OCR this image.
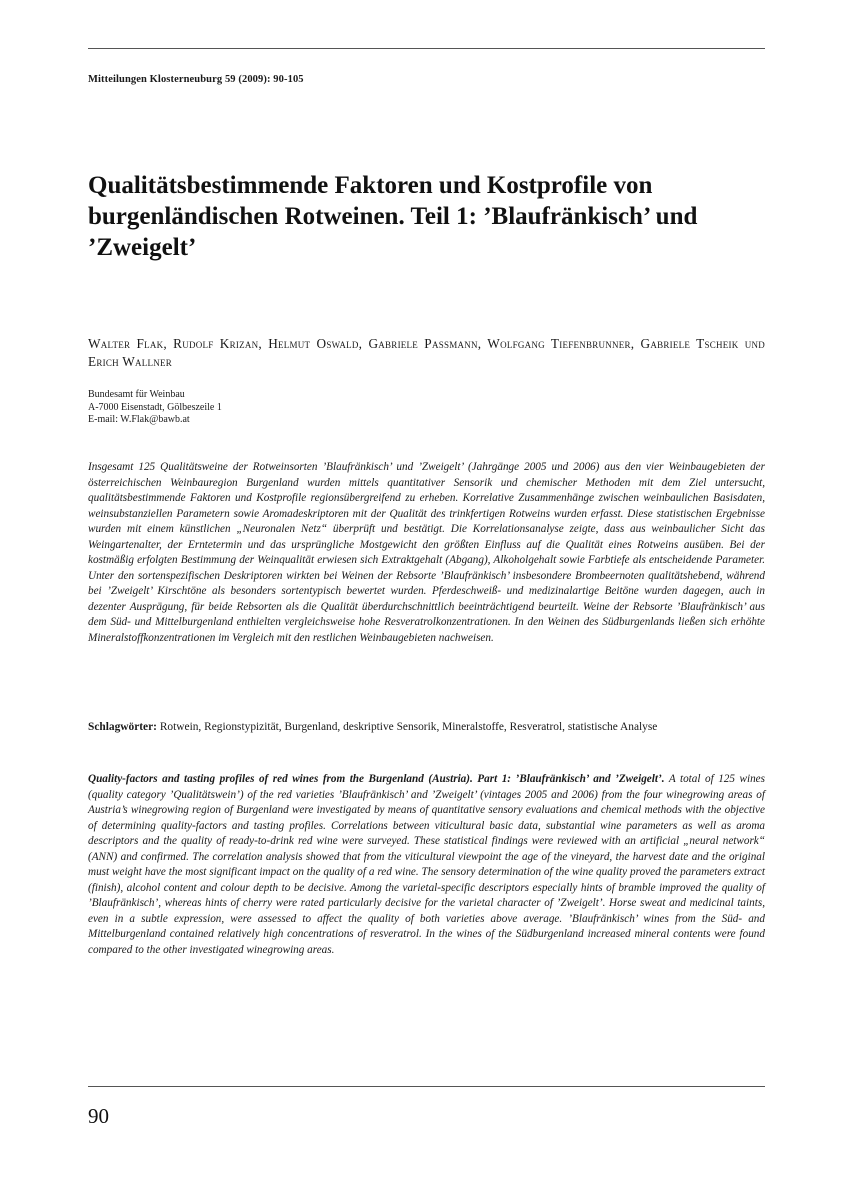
Mitteilungen Klosterneuburg 59 (2009): 90-105
Qualitätsbestimmende Faktoren und Kostprofile von burgenländischen Rotweinen. Teil 1: ’Blaufränkisch’ und ’Zweigelt’
Walter Flak, Rudolf Krizan, Helmut Oswald, Gabriele Passmann, Wolfgang Tiefenbrunner, Gabriele Tscheik und Erich Wallner
Bundesamt für Weinbau
A-7000 Eisenstadt, Gölbeszeile 1
E-mail: W.Flak@bawb.at

Insgesamt 125 Qualitätsweine der Rotweinsorten ’Blaufränkisch’ und ’Zweigelt’ (Jahrgänge 2005 und 2006) aus den vier Weinbaugebieten der österreichischen Weinbauregion Burgenland wurden mittels quantitativer Sensorik und chemischer Methoden mit dem Ziel untersucht, qualitätsbestimmende Faktoren und Kostprofile regionsübergreifend zu erheben. Korrelative Zusammenhänge zwischen weinbaulichen Basisdaten, weinsubstanziellen Parametern sowie Aromadeskriptoren mit der Qualität des trinkfertigen Rotweins wurden erfasst. Diese statistischen Ergebnisse wurden mit einem künstlichen „Neuronalen Netz“ überprüft und bestätigt. Die Korrelationsanalyse zeigte, dass aus weinbaulicher Sicht das Weingartenalter, der Erntetermin und das ursprüngliche Mostgewicht den größten Einfluss auf die Qualität eines Rotweins ausüben. Bei der kostmäßig erfolgten Bestimmung der Weinqualität erwiesen sich Extraktgehalt (Abgang), Alkoholgehalt sowie Farbtiefe als entscheidende Parameter. Unter den sortenspezifischen Deskriptoren wirkten bei Weinen der Rebsorte ’Blaufränkisch’ insbesondere Brombeernoten qualitätshebend, während bei ’Zweigelt’ Kirschtöne als besonders sortentypisch bewertet wurden. Pferdeschweiß- und medizinalartige Beitöne wurden dagegen, auch in dezenter Ausprägung, für beide Rebsorten als die Qualität überdurchschnittlich beeinträchtigend beurteilt. Weine der Rebsorte ’Blaufränkisch’ aus dem Süd- und Mittelburgenland enthielten vergleichsweise hohe Resveratrolkonzentrationen. In den Weinen des Südburgenlands ließen sich erhöhte Mineralstoffkonzentrationen im Vergleich mit den restlichen Weinbaugebieten nachweisen.

Schlagwörter: Rotwein, Regionstypizität, Burgenland, deskriptive Sensorik, Mineralstoffe, Resveratrol, statistische Analyse

Quality-factors and tasting profiles of red wines from the Burgenland (Austria). Part 1: ’Blaufränkisch’ and ’Zweigelt’. A total of 125 wines (quality category ’Qualitätswein’) of the red varieties ’Blaufränkisch’ and ’Zweigelt’ (vintages 2005 and 2006) from the four winegrowing areas of Austria’s winegrowing region of Burgenland were investigated by means of quantitative sensory evaluations and chemical methods with the objective of determining quality-factors and tasting profiles. Correlations between viticultural basic data, substantial wine parameters as well as aroma descriptors and the quality of ready-to-drink red wine were surveyed. These statistical findings were reviewed with an artificial „neural network“ (ANN) and confirmed. The correlation analysis showed that from the viticultural viewpoint the age of the vineyard, the harvest date and the original must weight have the most significant impact on the quality of a red wine. The sensory determination of the wine quality proved the parameters extract (finish), alcohol content and colour depth to be decisive. Among the varietal-specific descriptors especially hints of bramble improved the quality of ’Blaufränkisch’, whereas hints of cherry were rated particularly decisive for the varietal character of ’Zweigelt’. Horse sweat and medicinal taints, even in a subtle expression, were assessed to affect the quality of both varieties above average. ’Blaufränkisch’ wines from the Süd- and Mittelburgenland contained relatively high concentrations of resveratrol. In the wines of the Südburgenland increased mineral contents were found compared to the other investigated winegrowing areas.

90
